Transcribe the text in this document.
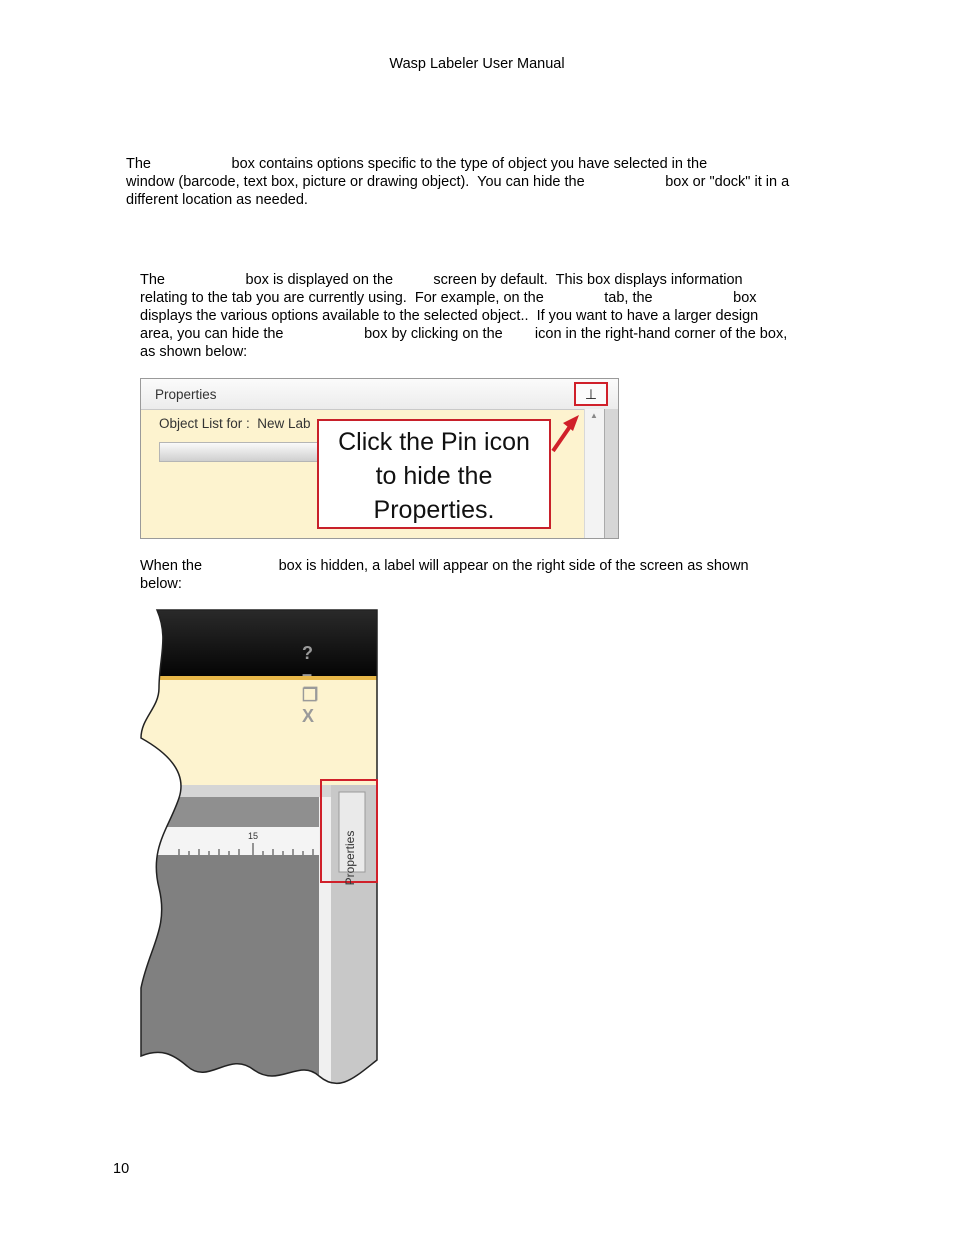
Wasp Labeler User Manual
The                    box contains options specific to the type of object you have selected in the
window (barcode, text box, picture or drawing object).  You can hide the                    box or "dock" it in a
different location as needed.
The                    box is displayed on the          screen by default.  This box displays information
relating to the tab you are currently using.  For example, on the               tab, the                    box
displays the various options available to the selected object..  If you want to have a larger design
area, you can hide the                    box by clicking on the        icon in the right-hand corner of the box,
as shown below:
Properties	⊥
Object List for :  New Lab
▲
Click the Pin icon
to hide the
Properties.
When the                   box is hidden, a label will appear on the right side of the screen as shown
below:

?
–
❐
X

15	Properties
10
